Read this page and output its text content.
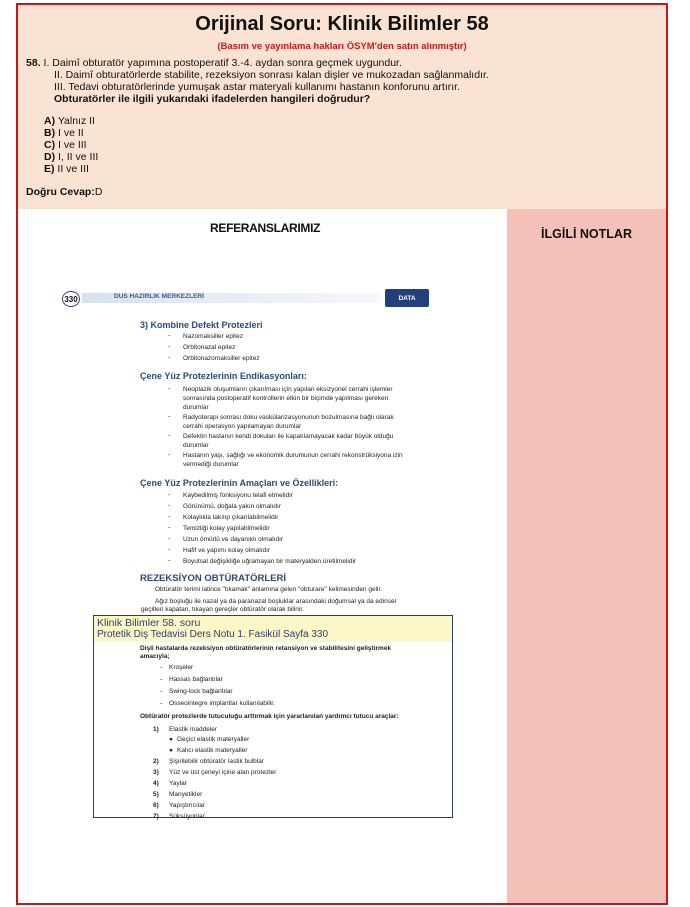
Orijinal Soru: Klinik Bilimler 58
(Basım ve yayınlama hakları ÖSYM'den satın alınmıştır)
58. I. Daimî obturatör yapımına postoperatif 3.-4. aydan sonra geçmek uygundur.
II. Daimî obturatörlerde stabilite, rezeksiyon sonrası kalan dişler ve mukozadan sağlanmalıdır.
III. Tedavi obturatörlerinde yumuşak astar materyali kullanımı hastanın konforunu artırır.
Obturatörler ile ilgili yukarıdaki ifadelerden hangileri doğrudur?
A) Yalnız II
B) I ve II
C) I ve III
D) I, II ve III
E) II ve III
Doğru Cevap:D
İLGİLİ NOTLAR
REFERANSLARIMIZ
330	DUS HAZIRLIK MERKEZLERİ	DATA
3) Kombine Defekt Protezleri
- Nazomaksiller epitez
- Orbitonazal epitez
- Orbitonazomaksiller epitez
Çene Yüz Protezlerinin Endikasyonları:
- Neoplazik oluşumların çıkarılması için yapılan eksizyonel cerrahi işlemler
sonrasında postoperatif kontrollerin etkin bir biçimde yapılması gereken
durumlar
- Radyoterapi sonrası doku vaskülarizasyonunun bozulmasına bağlı olarak
cerrahi operasyon yapılamayan durumlar
- Defektin hastanın kendi dokuları ile kapatılamayacak kadar büyük olduğu
durumlar
- Hastanın yaşı, sağlığı ve ekonomik durumunun cerrahi rekonstrüksiyona izin
vermediği durumlar
Çene Yüz Protezlerinin Amaçları ve Özellikleri:
- Kaybedilmiş fonksiyonu telafi etmelidir
- Görünümü, doğala yakın olmalıdır
- Kolaylıkla takılıp çıkarılabilmelidir
- Temizliği kolay yapılabilmelidir
- Uzun ömürlü ve dayanıklı olmalıdır
- Hafif ve yapımı kolay olmalıdır
- Boyutsal değişikliğe uğramayan bir materyalden üretilmelidir
REZEKSİYON OBTÜRATÖRLERİ
Obtüratör terimi latince "tıkamak" anlamına gelen "obturare" kelimesinden gelir.
Ağız boşluğu ile nazal ya da paranazal boşluklar arasındaki doğumsal ya da edinsel
geçitleri kapatan, tıkayan gereçler obtüratör olarak bilinir.
Klinik Bilimler 58. soru
Protetik Diş Tedavisi Ders Notu 1. Fasikül Sayfa 330
Dişli hastalarda rezeksiyon obtüratörlerinin retansiyon ve stabilitesini geliştirmek
amacıyla;
- Kroşeler
- Hassas bağlantılar
- Swing-lock bağlantılar
- Osseointegre implantlar kullanılabilir.
Obtüratör protezlerde tutuculuğu arttırmak için yararlanılan yardımcı tutucu araçlar:
1) Elastik maddeler
● Geçici elastik materyaller
● Kalıcı elastik materyaller
2) Şişirilebilir obtüratör lastik bulblar
3) Yüz ve üst çeneyi içine alan protezler
4) Yaylar
5) Manyetikler
6) Yapıştırıcılar
7) Süksüyonlar
